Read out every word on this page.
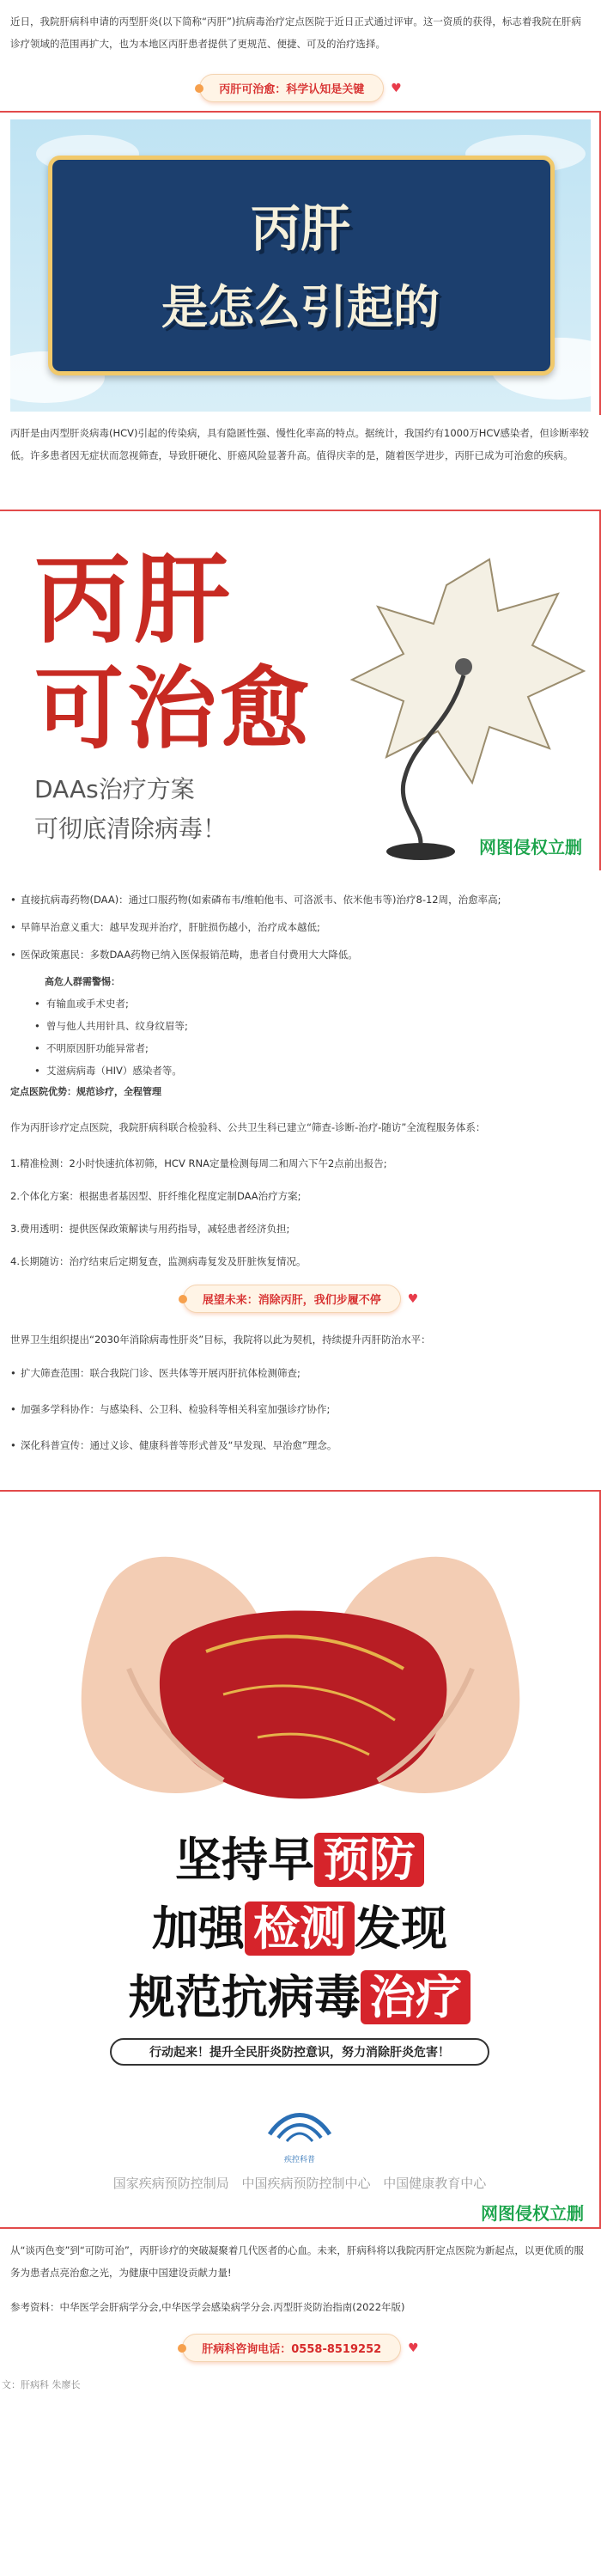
近日，我院肝病科申请的丙型肝炎(以下简称“丙肝”)抗病毒治疗定点医院于近日正式通过评审。这一资质的获得，标志着我院在肝病诊疗领域的范围再扩大，也为本地区丙肝患者提供了更规范、便捷、可及的治疗选择。

丙肝可治愈：科学认知是关键	♥
丙肝
是怎么引起的

丙肝是由丙型肝炎病毒(HCV)引起的传染病，具有隐匿性强、慢性化率高的特点。据统计，我国约有1000万HCV感染者，但诊断率较低。许多患者因无症状而忽视筛查，导致肝硬化、肝癌风险显著升高。值得庆幸的是，随着医学进步，丙肝已成为可治愈的疾病。

丙肝
可治愈
DAAs治疗方案
可彻底清除病毒！
网图侵权立删
• 直接抗病毒药物(DAA)：通过口服药物(如索磷布韦/维帕他韦、可洛派韦、依米他韦等)治疗8-12周，治愈率高;
• 早筛早治意义重大：越早发现并治疗，肝脏损伤越小，治疗成本越低;
• 医保政策惠民：多数DAA药物已纳入医保报销范畴，患者自付费用大大降低。
高危人群需警惕：
• 有输血或手术史者;
• 曾与他人共用针具、纹身纹眉等;
• 不明原因肝功能异常者;
• 艾滋病病毒（HIV）感染者等。
定点医院优势：规范诊疗，全程管理

作为丙肝诊疗定点医院，我院肝病科联合检验科、公共卫生科已建立“筛查-诊断-治疗-随访”全流程服务体系：

1.精准检测：2小时快速抗体初筛，HCV RNA定量检测每周二和周六下午2点前出报告;
2.个体化方案：根据患者基因型、肝纤维化程度定制DAA治疗方案;
3.费用透明：提供医保政策解读与用药指导，减轻患者经济负担;
4.长期随访：治疗结束后定期复查，监测病毒复发及肝脏恢复情况。
展望未来：消除丙肝，我们步履不停	♥

世界卫生组织提出“2030年消除病毒性肝炎”目标，我院将以此为契机，持续提升丙肝防治水平：

• 扩大筛查范围：联合我院门诊、医共体等开展丙肝抗体检测筛查;
• 加强多学科协作：与感染科、公卫科、检验科等相关科室加强诊疗协作;
• 深化科普宣传：通过义诊、健康科普等形式普及“早发现、早治愈”理念。
坚持早 预防
加强 检测 发现
规范抗病毒 治疗
行动起来！提升全民肝炎防控意识，努力消除肝炎危害！
疾控科普
国家疾病预防控制局 中国疾病预防控制中心 中国健康教育中心
网图侵权立删

从“谈丙色变”到“可防可治”，丙肝诊疗的突破凝聚着几代医者的心血。未来，肝病科将以我院丙肝定点医院为新起点，以更优质的服务为患者点亮治愈之光，为健康中国建设贡献力量!

参考资料：中华医学会肝病学分会,中华医学会感染病学分会.丙型肝炎防治指南(2022年版)

肝病科咨询电话：0558-8519252	♥
文：肝病科 朱廖长
